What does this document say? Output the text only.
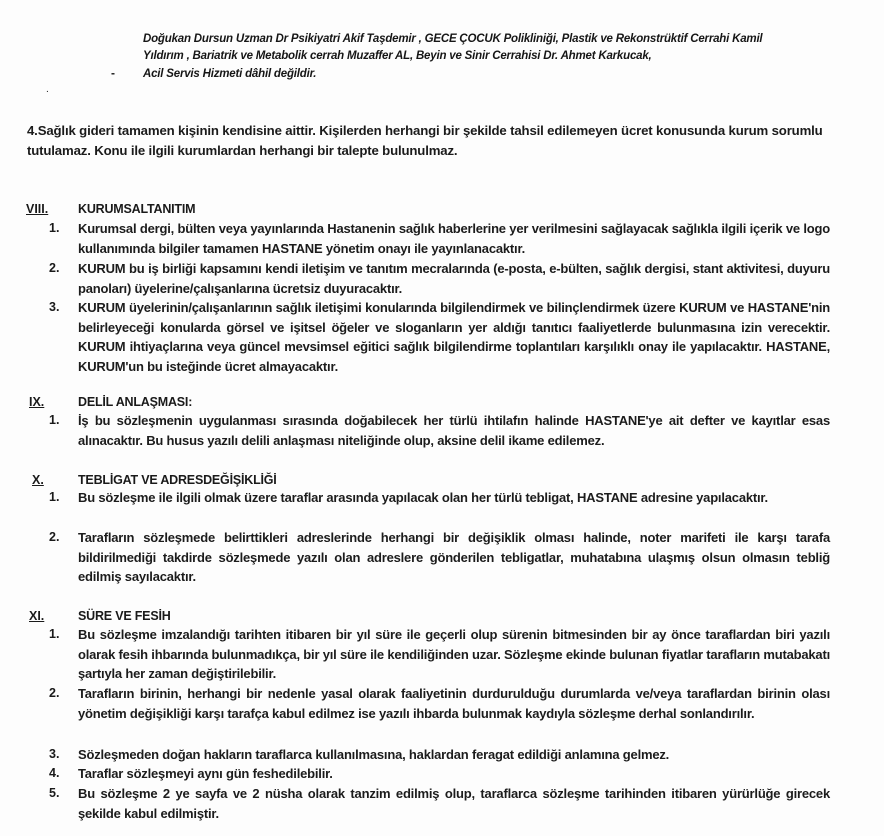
Doğukan Dursun Uzman Dr Psikiyatri Akif Taşdemir , GECE ÇOCUK Polikliniği, Plastik ve Rekonstrüktif Cerrahi Kamil
Yıldırım , Bariatrik ve Metabolik cerrah Muzaffer AL, Beyin ve Sinir Cerrahisi Dr. Ahmet Karkucak,
- Acil Servis Hizmeti dâhil değildir.
.
4.Sağlık gideri tamamen kişinin kendisine aittir. Kişilerden herhangi bir şekilde tahsil edilemeyen ücret konusunda kurum sorumlu tutulamaz. Konu ile ilgili kurumlardan herhangi bir talepte bulunulmaz.
VIII. KURUMSALTANITIM
1. Kurumsal dergi, bülten veya yayınlarında Hastanenin sağlık haberlerine yer verilmesini sağlayacak sağlıkla ilgili içerik ve logo kullanımında bilgiler tamamen HASTANE yönetim onayı ile yayınlanacaktır.
2. KURUM bu iş birliği kapsamını kendi iletişim ve tanıtım mecralarında (e-posta, e-bülten, sağlık dergisi, stant aktivitesi, duyuru panoları) üyelerine/çalışanlarına ücretsiz duyuracaktır.
3. KURUM üyelerinin/çalışanlarının sağlık iletişimi konularında bilgilendirmek ve bilinçlendirmek üzere KURUM ve HASTANE'nin belirleyeceği konularda görsel ve işitsel öğeler ve sloganların yer aldığı tanıtıcı faaliyetlerde bulunmasına izin verecektir. KURUM ihtiyaçlarına veya güncel mevsimsel eğitici sağlık bilgilendirme toplantıları karşılıklı onay ile yapılacaktır. HASTANE, KURUM'un bu isteğinde ücret almayacaktır.
IX.	DELİL ANLAŞMASI:
1. İş bu sözleşmenin uygulanması sırasında doğabilecek her türlü ihtilafın halinde HASTANE'ye ait defter ve kayıtlar esas alınacaktır. Bu husus yazılı delili anlaşması niteliğinde olup, aksine delil ikame edilemez.
X.	TEBLİGAT VE ADRESDEĞİŞİKLİĞİ
1. Bu sözleşme ile ilgili olmak üzere taraflar arasında yapılacak olan her türlü tebligat, HASTANE adresine yapılacaktır.
2. Tarafların sözleşmede belirttikleri adreslerinde herhangi bir değişiklik olması halinde, noter marifeti ile karşı tarafa bildirilmediği takdirde sözleşmede yazılı olan adreslere gönderilen tebligatlar, muhatabına ulaşmış olsun olmasın tebliğ edilmiş sayılacaktır.
XI.	SÜRE VE FESİH
1. Bu sözleşme imzalandığı tarihten itibaren bir yıl süre ile geçerli olup sürenin bitmesinden bir ay önce taraflardan biri yazılı olarak fesih ihbarında bulunmadıkça, bir yıl süre ile kendiliğinden uzar. Sözleşme ekinde bulunan fiyatlar tarafların mutabakatı şartıyla her zaman değiştirilebilir.
2. Tarafların birinin, herhangi bir nedenle yasal olarak faaliyetinin durdurulduğu durumlarda ve/veya taraflardan birinin olası yönetim değişikliği karşı tarafça kabul edilmez ise yazılı ihbarda bulunmak kaydıyla sözleşme derhal sonlandırılır.
3. Sözleşmeden doğan hakların taraflarca kullanılmasına, haklardan feragat edildiği anlamına gelmez.
4. Taraflar sözleşmeyi aynı gün feshedilebilir.
5. Bu sözleşme 2 ye sayfa ve 2 nüsha olarak tanzim edilmiş olup, taraflarca sözleşme tarihinden itibaren yürürlüğe girecek şekilde kabul edilmiştir.
